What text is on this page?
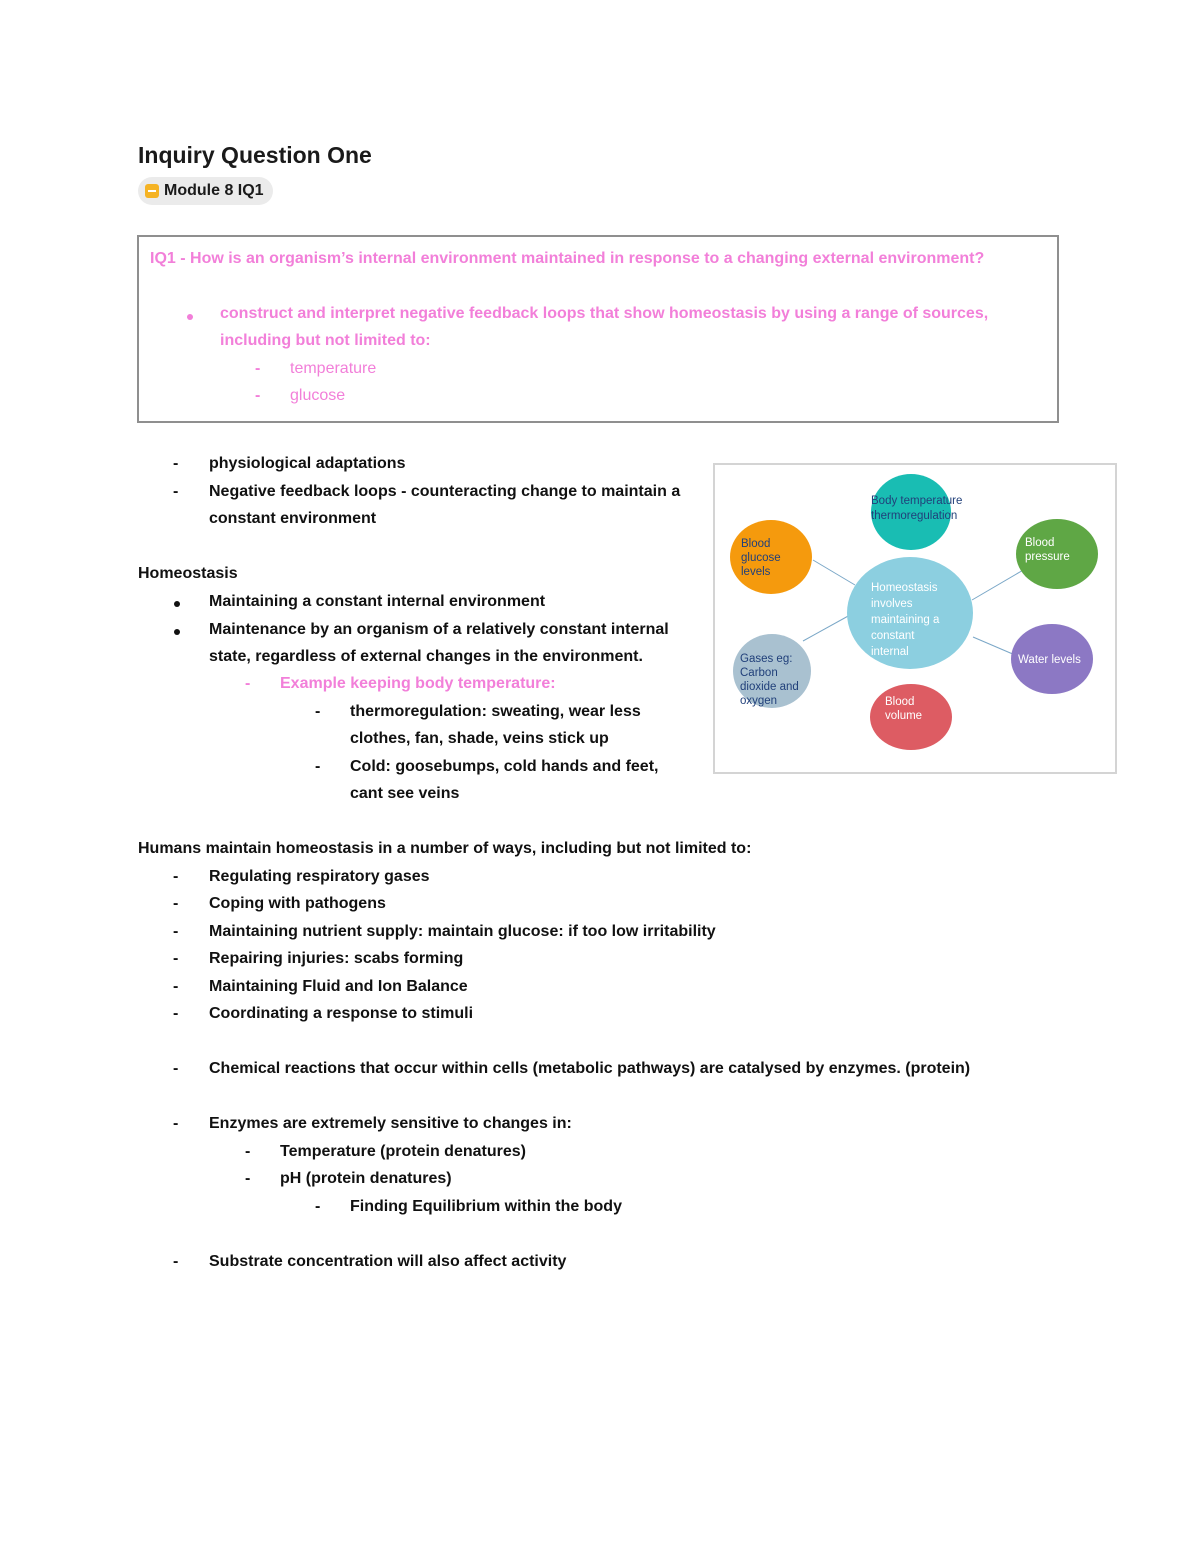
Inquiry Question One
Module 8 IQ1
IQ1 - How is an organism’s internal environment maintained in response to a changing external environment?
construct and interpret negative feedback loops that show homeostasis by using a range of sources,
including but not limited to:
- temperature
- glucose
- physiological adaptations
- Negative feedback loops - counteracting change to maintain a
constant environment
Homeostasis
Maintaining a constant internal environment
Maintenance by an organism of a relatively constant internal
state, regardless of external changes in the environment.
- Example keeping body temperature:
- thermoregulation: sweating, wear less
clothes, fan, shade, veins stick up
- Cold: goosebumps, cold hands and feet,
cant see veins
Body temperature
thermoregulation
Blood
glucose
levels
Blood
pressure
Homeostasis
involves
maintaining a
constant
internal
Water levels
Gases eg:
Carbon
dioxide and
oxygen	Blood
volume
Humans maintain homeostasis in a number of ways, including but not limited to:
- Regulating respiratory gases
- Coping with pathogens
- Maintaining nutrient supply: maintain glucose: if too low irritability
- Repairing injuries: scabs forming
- Maintaining Fluid and Ion Balance
- Coordinating a response to stimuli
- Chemical reactions that occur within cells (metabolic pathways) are catalysed by enzymes. (protein)
- Enzymes are extremely sensitive to changes in:
- Temperature (protein denatures)
- pH (protein denatures)
- Finding Equilibrium within the body
- Substrate concentration will also affect activity
